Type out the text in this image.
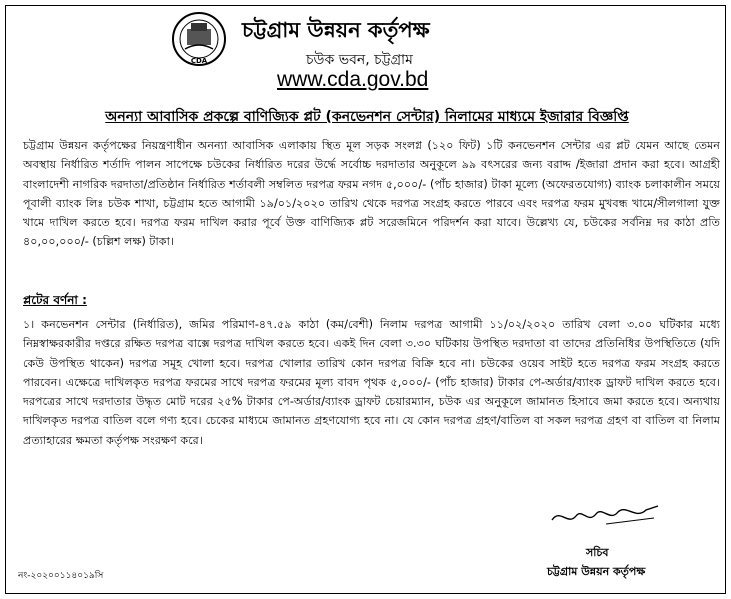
CDA
চট্টগ্রাম উন্নয়ন কর্তৃপক্ষ
চউক ভবন, চট্টগ্রাম
www.cda.gov.bd
অনন্যা আবাসিক প্রকল্পে বাণিজ্যিক প্লট (কনভেনশন সেন্টার) নিলামের মাধ্যমে ইজারার বিজ্ঞপ্তি
চট্টগ্রাম উন্নয়ন কর্তৃপক্ষের নিয়ন্ত্রণাধীন অনন্যা আবাসিক এলাকায় স্থিত মূল সড়ক সংলগ্ন (১২০ ফিট) ১টি কনভেনশন সেন্টার এর প্লট যেমন আছে তেমন অবস্থায় নির্ধারিত শর্তাদি পালন সাপেক্ষে চউকের নির্ধারিত দরের উর্দ্ধে সর্বোচ্চ দরদাতার অনুকূলে ৯৯ বৎসরের জন্য বরাদ্দ /ইজারা প্রদান করা হবে। আগ্রহী বাংলাদেশী নাগরিক দরদাতা/প্রতিষ্ঠান নির্ধারিত শর্তাবলী সম্বলিত দরপত্র ফরম নগদ ৫,০০০/- (পাঁচ হাজার) টাকা মূল্যে (অফেরতযোগ্য) ব্যাংক চলাকালীন সময়ে পূবালী ব্যাংক লিঃ চউক শাখা, চট্টগ্রাম হতে আগামী ১৯/০১/২০২০ তারিখ থেকে দরপত্র সংগ্রহ করতে পারবে এবং দরপত্র ফরম মুখবন্ধ খামে/সীলগালা যুক্ত খামে দাখিল করতে হবে। দরপত্র ফরম দাখিল করার পূর্বে উক্ত বাণিজ্যিক প্লট সরেজমিনে পরিদর্শন করা যাবে। উল্লেখ্য যে, চউকের সর্বনিম্ন দর কাঠা প্রতি ৪০,০০,০০০/- (চল্লিশ লক্ষ) টাকা।
প্লটের বর্ণনা :
১। কনভেনশন সেন্টার (নির্ধারিত), জমির পরিমাণ-৪৭.৫৯ কাঠা (কম/বেশী) নিলাম দরপত্র আগামী ১১/০২/২০২০ তারিখ বেলা ৩.০০ ঘটিকার মধ্যে নিম্নস্বাক্ষরকারীর দপ্তরে রক্ষিত দরপত্র বাক্সে দরপত্র দাখিল করতে হবে। একই দিন বেলা ৩.৩০ ঘটিকায় উপস্থিত দরদাতা বা তাদের প্রতিনিধির উপস্থিতিতে (যদি কেউ উপস্থিত থাকেন) দরপত্র সমূহ খোলা হবে। দরপত্র খোলার তারিখ কোন দরপত্র বিক্রি হবে না। চউকের ওয়েব সাইট হতে দরপত্র ফরম সংগ্রহ করতে পারবেন। এক্ষেত্রে দাখিলকৃত দরপত্র ফরমের সাথে দরপত্র ফরমের মূল্য বাবদ পৃথক ৫,০০০/- (পাঁচ হাজার) টাকার পে-অর্ডার/ব্যাংক ড্রাফট দাখিল করতে হবে। দরপত্রের সাথে দরদাতার উদ্ধৃত মোট দরের ২৫% টাকার পে-অর্ডার/ব্যাংক ড্রাফট চেয়ারম্যান, চউক এর অনুকূলে জামানত হিসাবে জমা করতে হবে। অন্যথায় দাখিলকৃত দরপত্র বাতিল বলে গণ্য হবে। চেকের মাধ্যমে জামানত গ্রহণযোগ্য হবে না। যে কোন দরপত্র গ্রহণ/বাতিল বা সকল দরপত্র গ্রহণ বা বাতিল বা নিলাম প্রত্যাহারের ক্ষমতা কর্তৃপক্ষ সংরক্ষণ করে।
সচিব
চট্টগ্রাম উন্নয়ন কর্তৃপক্ষ
নং-২০২০০১১৪০১৯সি
